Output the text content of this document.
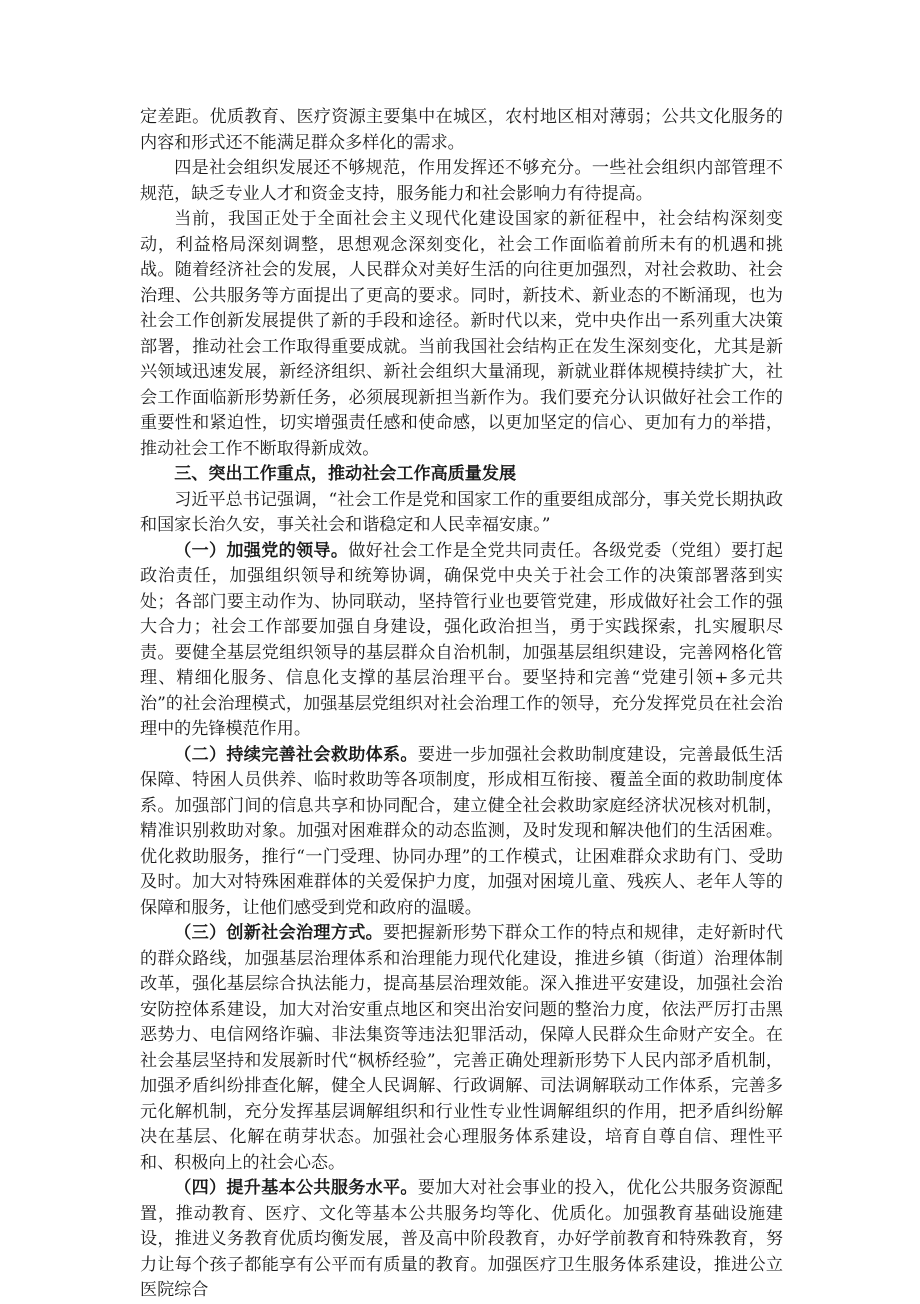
定差距。优质教育、医疗资源主要集中在城区，农村地区相对薄弱；公共文化服务的内容和形式还不能满足群众多样化的需求。

四是社会组织发展还不够规范，作用发挥还不够充分。一些社会组织内部管理不规范，缺乏专业人才和资金支持，服务能力和社会影响力有待提高。

当前，我国正处于全面社会主义现代化建设国家的新征程中，社会结构深刻变动，利益格局深刻调整，思想观念深刻变化，社会工作面临着前所未有的机遇和挑战。随着经济社会的发展，人民群众对美好生活的向往更加强烈，对社会救助、社会治理、公共服务等方面提出了更高的要求。同时，新技术、新业态的不断涌现，也为社会工作创新发展提供了新的手段和途径。新时代以来，党中央作出一系列重大决策部署，推动社会工作取得重要成就。当前我国社会结构正在发生深刻变化，尤其是新兴领域迅速发展，新经济组织、新社会组织大量涌现，新就业群体规模持续扩大，社会工作面临新形势新任务，必须展现新担当新作为。我们要充分认识做好社会工作的重要性和紧迫性，切实增强责任感和使命感，以更加坚定的信心、更加有力的举措，推动社会工作不断取得新成效。

三、突出工作重点，推动社会工作高质量发展

习近平总书记强调，“社会工作是党和国家工作的重要组成部分，事关党长期执政和国家长治久安，事关社会和谐稳定和人民幸福安康。”

（一）加强党的领导。做好社会工作是全党共同责任。各级党委（党组）要打起政治责任，加强组织领导和统筹协调，确保党中央关于社会工作的决策部署落到实处；各部门要主动作为、协同联动，坚持管行业也要管党建，形成做好社会工作的强大合力；社会工作部要加强自身建设，强化政治担当，勇于实践探索，扎实履职尽责。要健全基层党组织领导的基层群众自治机制，加强基层组织建设，完善网格化管理、精细化服务、信息化支撑的基层治理平台。要坚持和完善“党建引领+多元共治”的社会治理模式，加强基层党组织对社会治理工作的领导，充分发挥党员在社会治理中的先锋模范作用。

（二）持续完善社会救助体系。要进一步加强社会救助制度建设，完善最低生活保障、特困人员供养、临时救助等各项制度，形成相互衔接、覆盖全面的救助制度体系。加强部门间的信息共享和协同配合，建立健全社会救助家庭经济状况核对机制，精准识别救助对象。加强对困难群众的动态监测，及时发现和解决他们的生活困难。优化救助服务，推行“一门受理、协同办理”的工作模式，让困难群众求助有门、受助及时。加大对特殊困难群体的关爱保护力度，加强对困境儿童、残疾人、老年人等的保障和服务，让他们感受到党和政府的温暖。

（三）创新社会治理方式。要把握新形势下群众工作的特点和规律，走好新时代的群众路线，加强基层治理体系和治理能力现代化建设，推进乡镇（街道）治理体制改革，强化基层综合执法能力，提高基层治理效能。深入推进平安建设，加强社会治安防控体系建设，加大对治安重点地区和突出治安问题的整治力度，依法严厉打击黑恶势力、电信网络诈骗、非法集资等违法犯罪活动，保障人民群众生命财产安全。在社会基层坚持和发展新时代“枫桥经验”，完善正确处理新形势下人民内部矛盾机制，加强矛盾纠纷排查化解，健全人民调解、行政调解、司法调解联动工作体系，完善多元化解机制，充分发挥基层调解组织和行业性专业性调解组织的作用，把矛盾纠纷解决在基层、化解在萌芽状态。加强社会心理服务体系建设，培育自尊自信、理性平和、积极向上的社会心态。

（四）提升基本公共服务水平。要加大对社会事业的投入，优化公共服务资源配置，推动教育、医疗、文化等基本公共服务均等化、优质化。加强教育基础设施建设，推进义务教育优质均衡发展，普及高中阶段教育，办好学前教育和特殊教育，努力让每个孩子都能享有公平而有质量的教育。加强医疗卫生服务体系建设，推进公立医院综合
